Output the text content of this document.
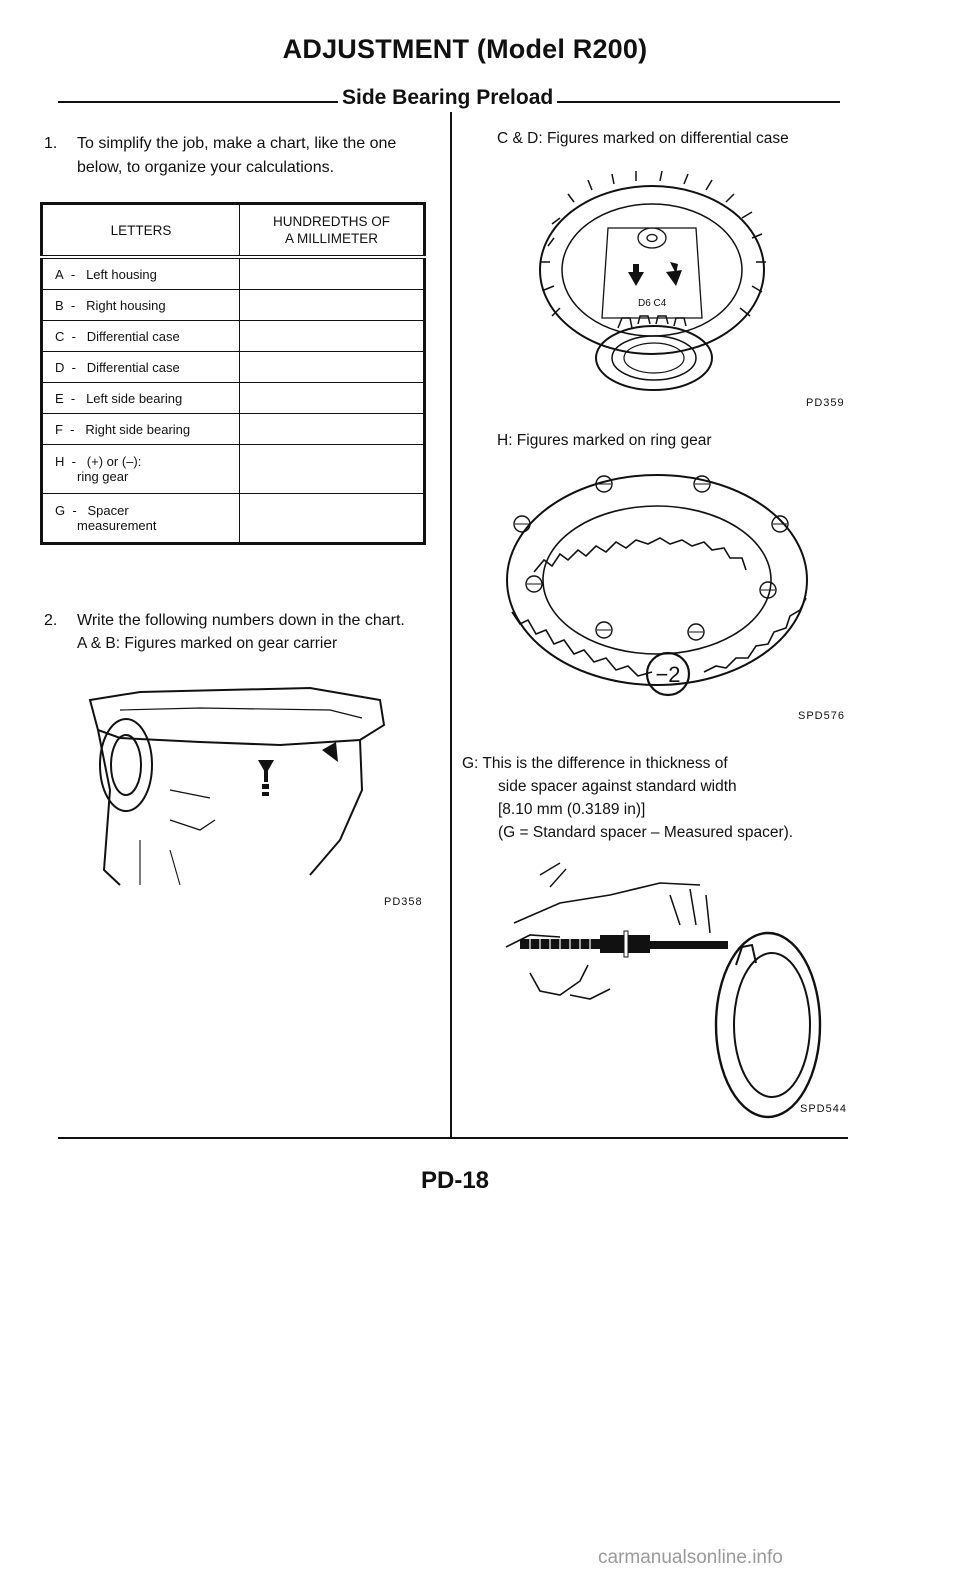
ADJUSTMENT (Model R200)
Side Bearing Preload
1. To simplify the job, make a chart, like the one
below, to organize your calculations.
LETTERS	HUNDREDTHS OF
A MILLIMETER

A  -   Left housing	
B  -   Right housing	
C  -   Differential case	
D  -   Differential case	
E  -   Left side bearing	
F  -   Right side bearing	

H  -   (+) or (–):
ring gear	

G  -   Spacer
measurement	

2. Write the following numbers down in the chart.
A & B: Figures marked on gear carrier
PD358
C & D: Figures marked on differential case
D6 C4
PD359
H: Figures marked on ring gear
−2
SPD576
G: This is the difference in thickness of
side spacer against standard width
[8.10 mm (0.3189 in)]
(G = Standard spacer – Measured spacer).
SPD544
PD-18
carmanualsonline.info
